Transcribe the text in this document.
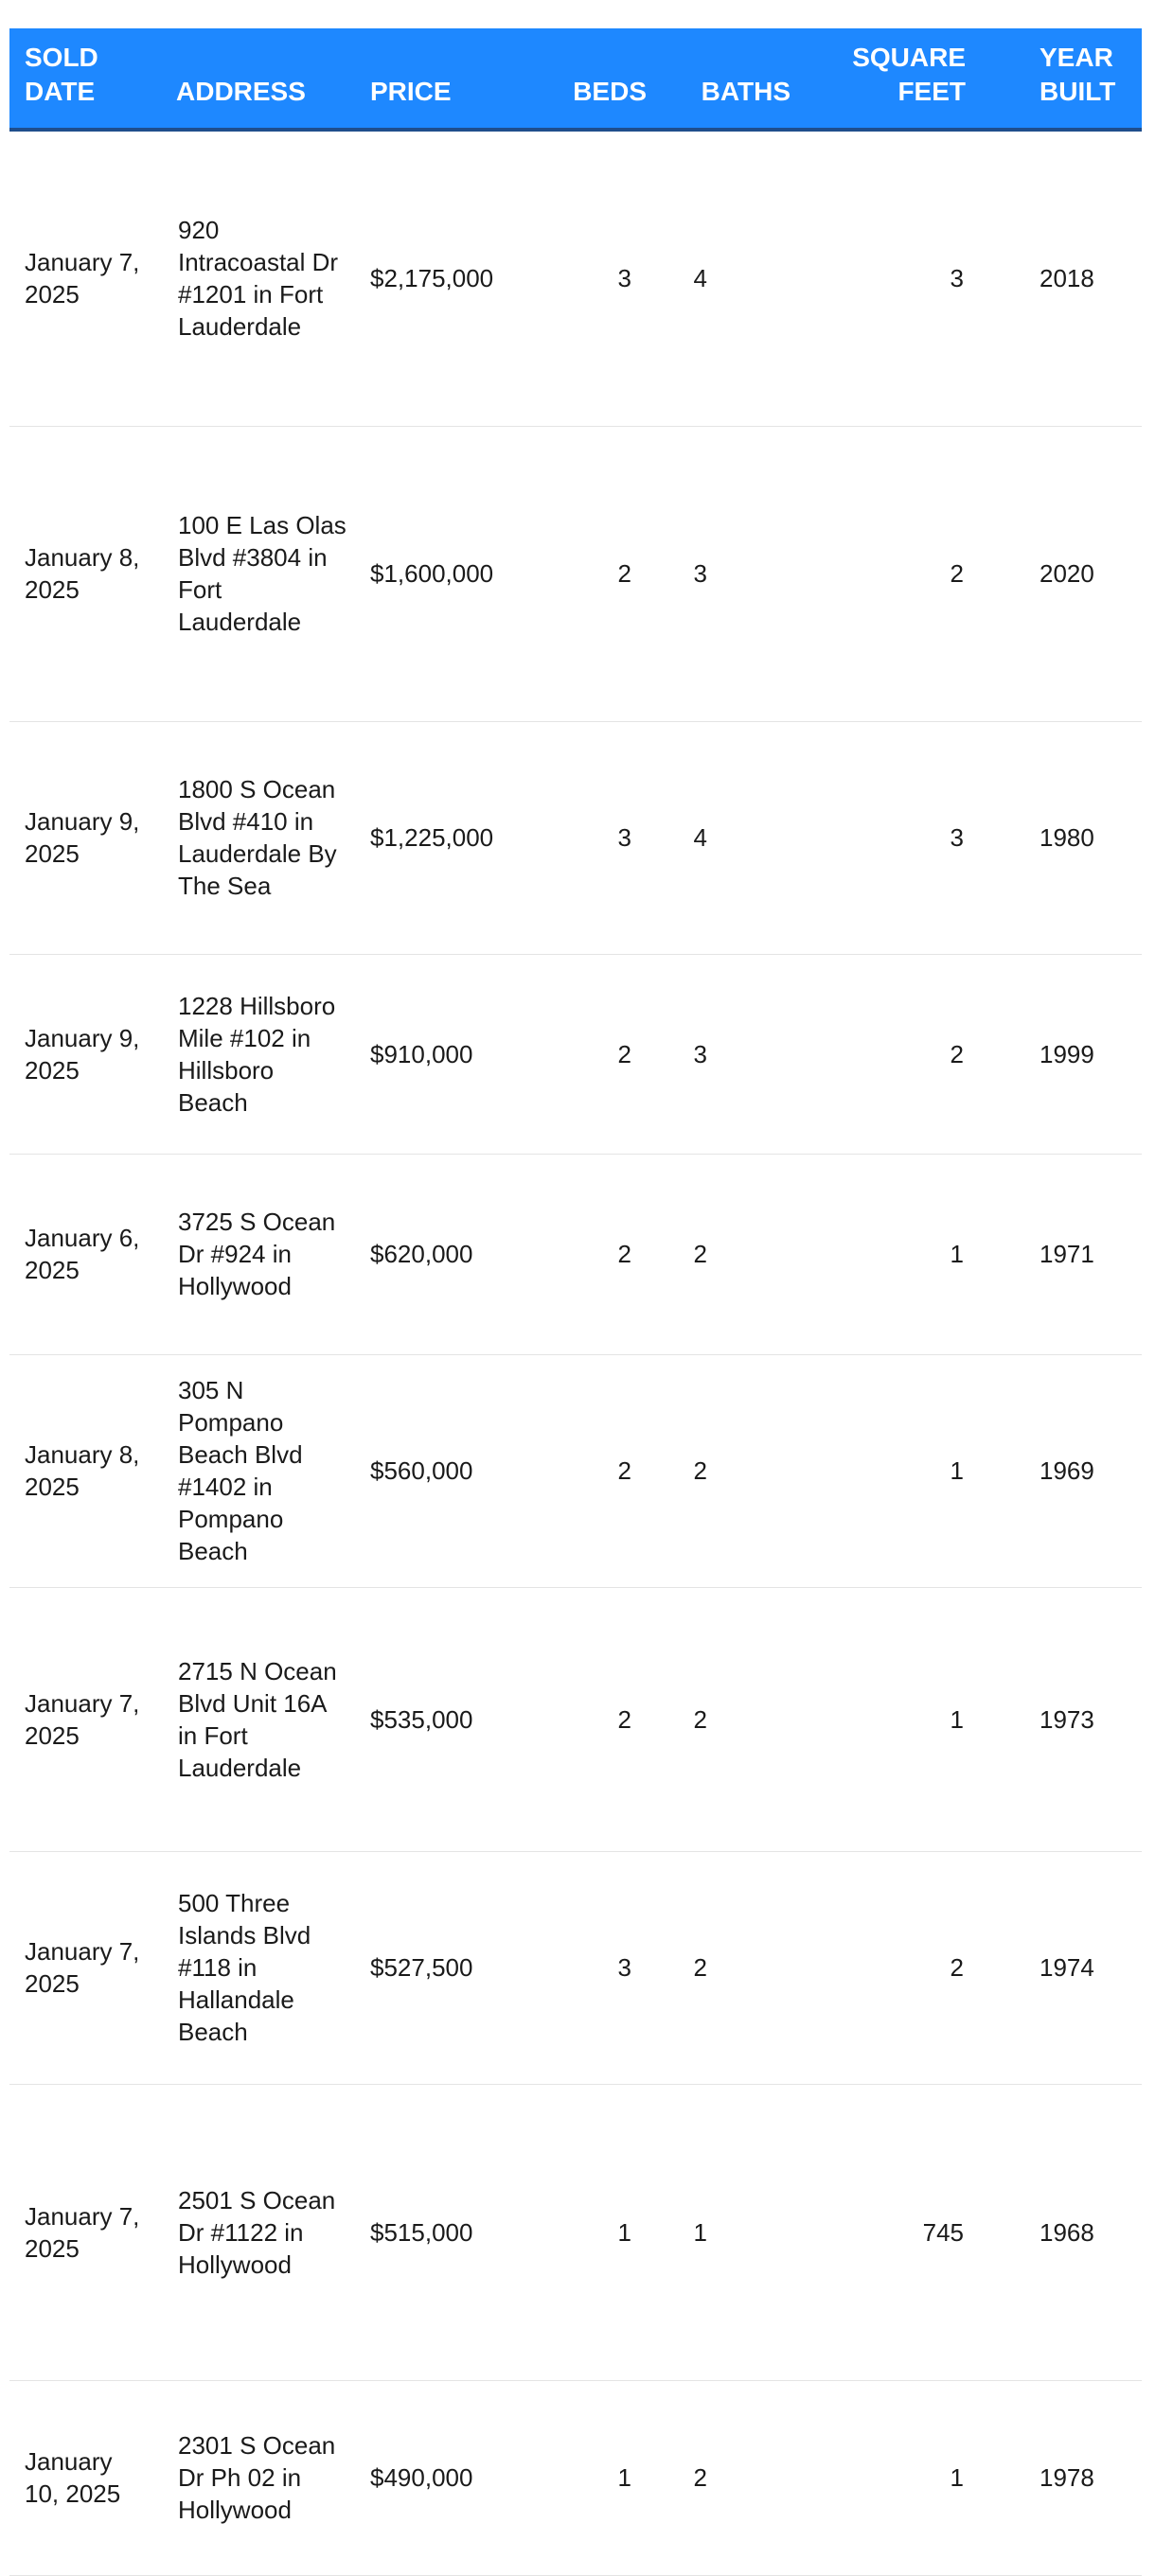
SOLD DATE	ADDRESS	PRICE	BEDS	BATHS	SQUARE FEET	YEAR BUILT
January 7, 2025	920 Intracoastal Dr #1201 in Fort Lauderdale	$2,175,000	3	4	3	2018
January 8, 2025	100 E Las Olas Blvd #3804 in Fort Lauderdale	$1,600,000	2	3	2	2020
January 9, 2025	1800 S Ocean Blvd #410 in Lauderdale By The Sea	$1,225,000	3	4	3	1980
January 9, 2025	1228 Hillsboro Mile #102 in Hillsboro Beach	$910,000	2	3	2	1999
January 6, 2025	3725 S Ocean Dr #924 in Hollywood	$620,000	2	2	1	1971
January 8, 2025	305 N Pompano Beach Blvd #1402 in Pompano Beach	$560,000	2	2	1	1969
January 7, 2025	2715 N Ocean Blvd Unit 16A in Fort Lauderdale	$535,000	2	2	1	1973
January 7, 2025	500 Three Islands Blvd #118 in Hallandale Beach	$527,500	3	2	2	1974
January 7, 2025	2501 S Ocean Dr #1122 in Hollywood	$515,000	1	1	745	1968
January 10, 2025	2301 S Ocean Dr Ph 02 in Hollywood	$490,000	1	2	1	1978
